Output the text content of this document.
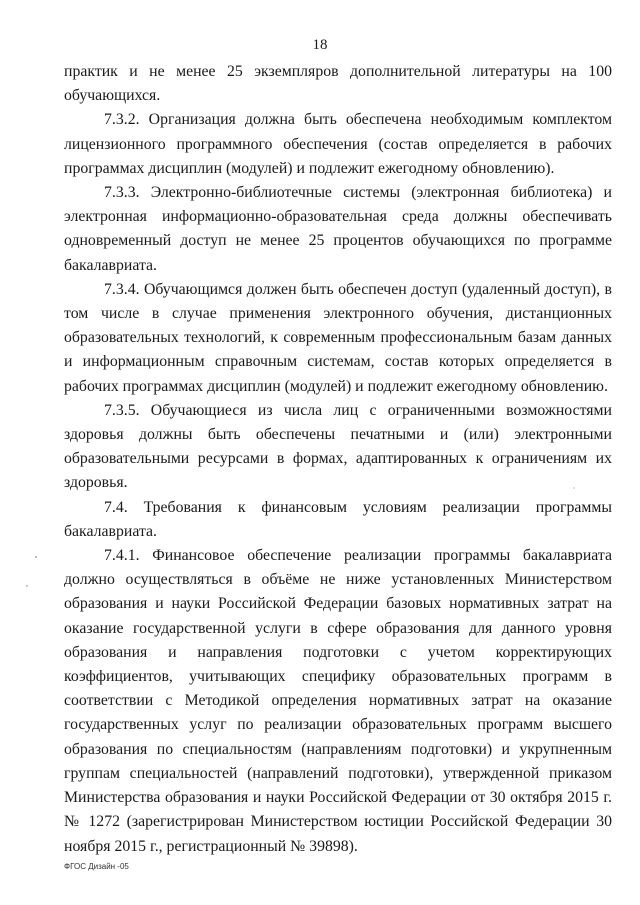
18

практик и не менее 25 экземпляров дополнительной литературы на 100 обучающихся.

7.3.2. Организация должна быть обеспечена необходимым комплектом лицензионного программного обеспечения (состав определяется в рабочих программах дисциплин (модулей) и подлежит ежегодному обновлению).

7.3.3. Электронно-библиотечные системы (электронная библиотека) и электронная информационно-образовательная среда должны обеспечивать одновременный доступ не менее 25 процентов обучающихся по программе бакалавриата.

7.3.4. Обучающимся должен быть обеспечен доступ (удаленный доступ), в том числе в случае применения электронного обучения, дистанционных образовательных технологий, к современным профессиональным базам данных и информационным справочным системам, состав которых определяется в рабочих программах дисциплин (модулей) и подлежит ежегодному обновлению.

7.3.5. Обучающиеся из числа лиц с ограниченными возможностями здоровья должны быть обеспечены печатными и (или) электронными образовательными ресурсами в формах, адаптированных к ограничениям их здоровья.

7.4. Требования к финансовым условиям реализации программы бакалавриата.

7.4.1. Финансовое обеспечение реализации программы бакалавриата должно осуществляться в объёме не ниже установленных Министерством образования и науки Российской Федерации базовых нормативных затрат на оказание государственной услуги в сфере образования для данного уровня образования и направления подготовки с учетом корректирующих коэффициентов, учитывающих специфику образовательных программ в соответствии с Методикой определения нормативных затрат на оказание государственных услуг по реализации образовательных программ высшего образования по специальностям (направлениям подготовки) и укрупненным группам специальностей (направлений подготовки), утвержденной приказом Министерства образования и науки Российской Федерации от 30 октября 2015 г. № 1272 (зарегистрирован Министерством юстиции Российской Федерации 30 ноября 2015 г., регистрационный № 39898).

ФГОС Дизайн -05
